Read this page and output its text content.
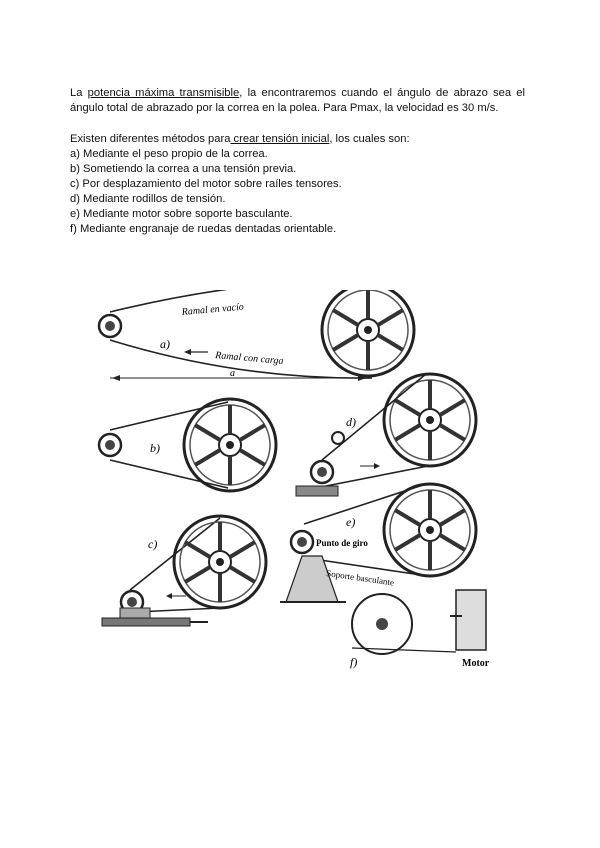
La potencia máxima transmisible, la encontraremos cuando el ángulo de abrazo sea el ángulo total de abrazado por la correa en la polea. Para Pmax, la velocidad es 30 m/s.
Existen diferentes métodos para crear tensión inicial, los cuales son:
a) Mediante el peso propio de la correa.
b) Sometiendo la correa a una tensión previa.
c) Por desplazamiento del motor sobre raíles tensores.
d) Mediante rodillos de tensión.
e) Mediante motor sobre soporte basculante.
f) Mediante engranaje de ruedas dentadas orientable.
Ramal en vacío
Ramal con carga
a)
a
b)
c)
d)
Punto de giro
Soporte basculante
e)
Motor
f)
